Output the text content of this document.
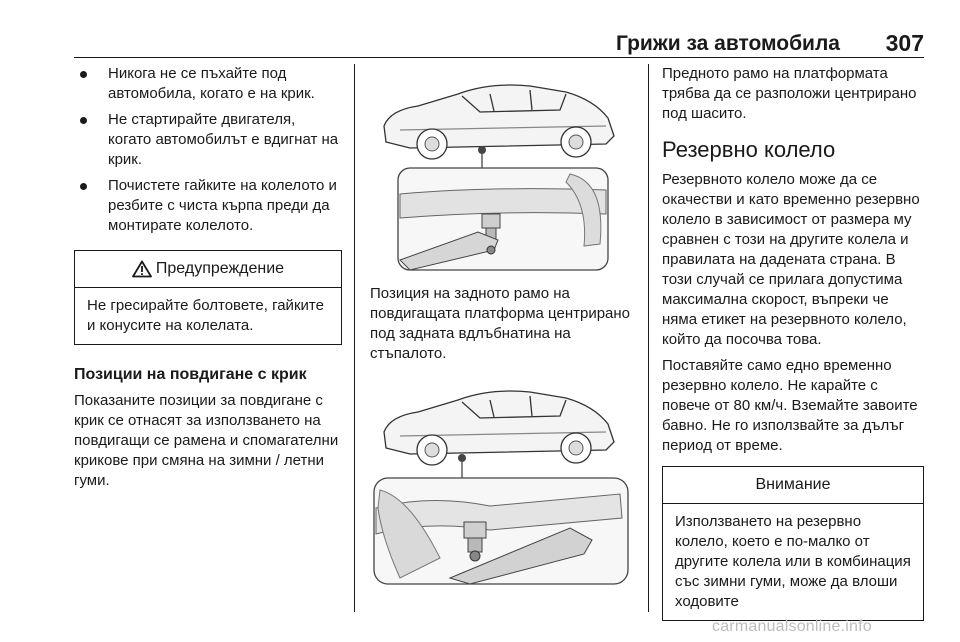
Грижи за автомобила 307
Никога не се пъхайте под автомобила, когато е на крик.
Не стартирайте двигателя, когато автомобилът е вдигнат на крик.
Почистете гайките на колелото и резбите с чиста кърпа преди да монтирате колелото.
Предупреждение
Не гресирайте болтовете, гайките и конусите на колелата.
Позиции на повдигане с крик

Показаните позиции за повдигане с крик се отнасят за използването на повдигащи се рамена и спомагателни крикове при смяна на зимни / летни гуми.

Позиция на задното рамо на повдигащата платформа центрирано под задната вдлъбнатина на стъпалото.

Предното рамо на платформата трябва да се разположи центрирано под шасито.

Резервно колело

Резервното колело може да се окачестви и като временно резервно колело в зависимост от размера му сравнен с този на другите колела и правилата на дадената страна. В този случай се прилага допустима максимална скорост, въпреки че няма етикет на резервното колело, който да посочва това.

Поставяйте само едно временно резервно колело. Не карайте с повече от 80 км/ч. Вземайте завоите бавно. Не го използвайте за дълъг период от време.

Внимание
Използването на резервно колело, което е по-малко от другите колела или в комбинация със зимни гуми, може да влоши ходовите
carmanualsonline.info
